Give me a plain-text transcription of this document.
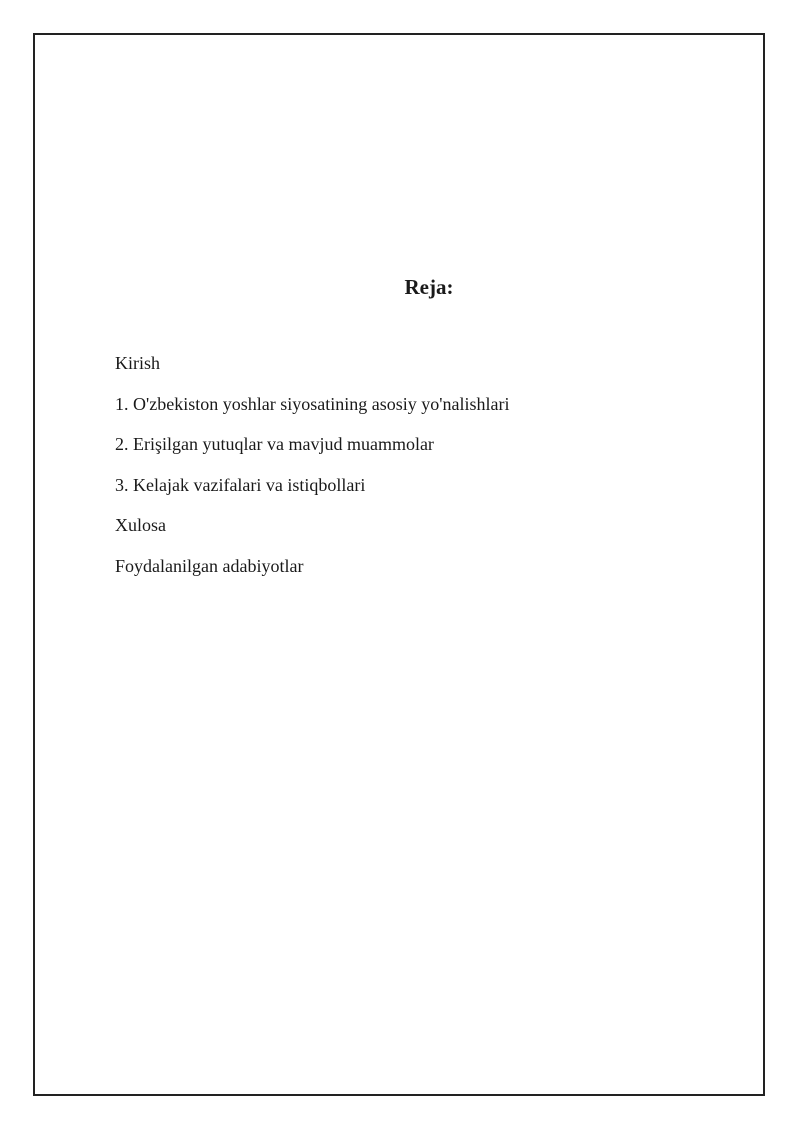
Reja:
Kirish
1. O'zbekiston yoshlar siyosatining asosiy yo'nalishlari
2. Erişilgan yutuqlar va mavjud muammolar
3. Kelajak vazifalari va istiqbollari
Xulosa
Foydalanilgan adabiyotlar
